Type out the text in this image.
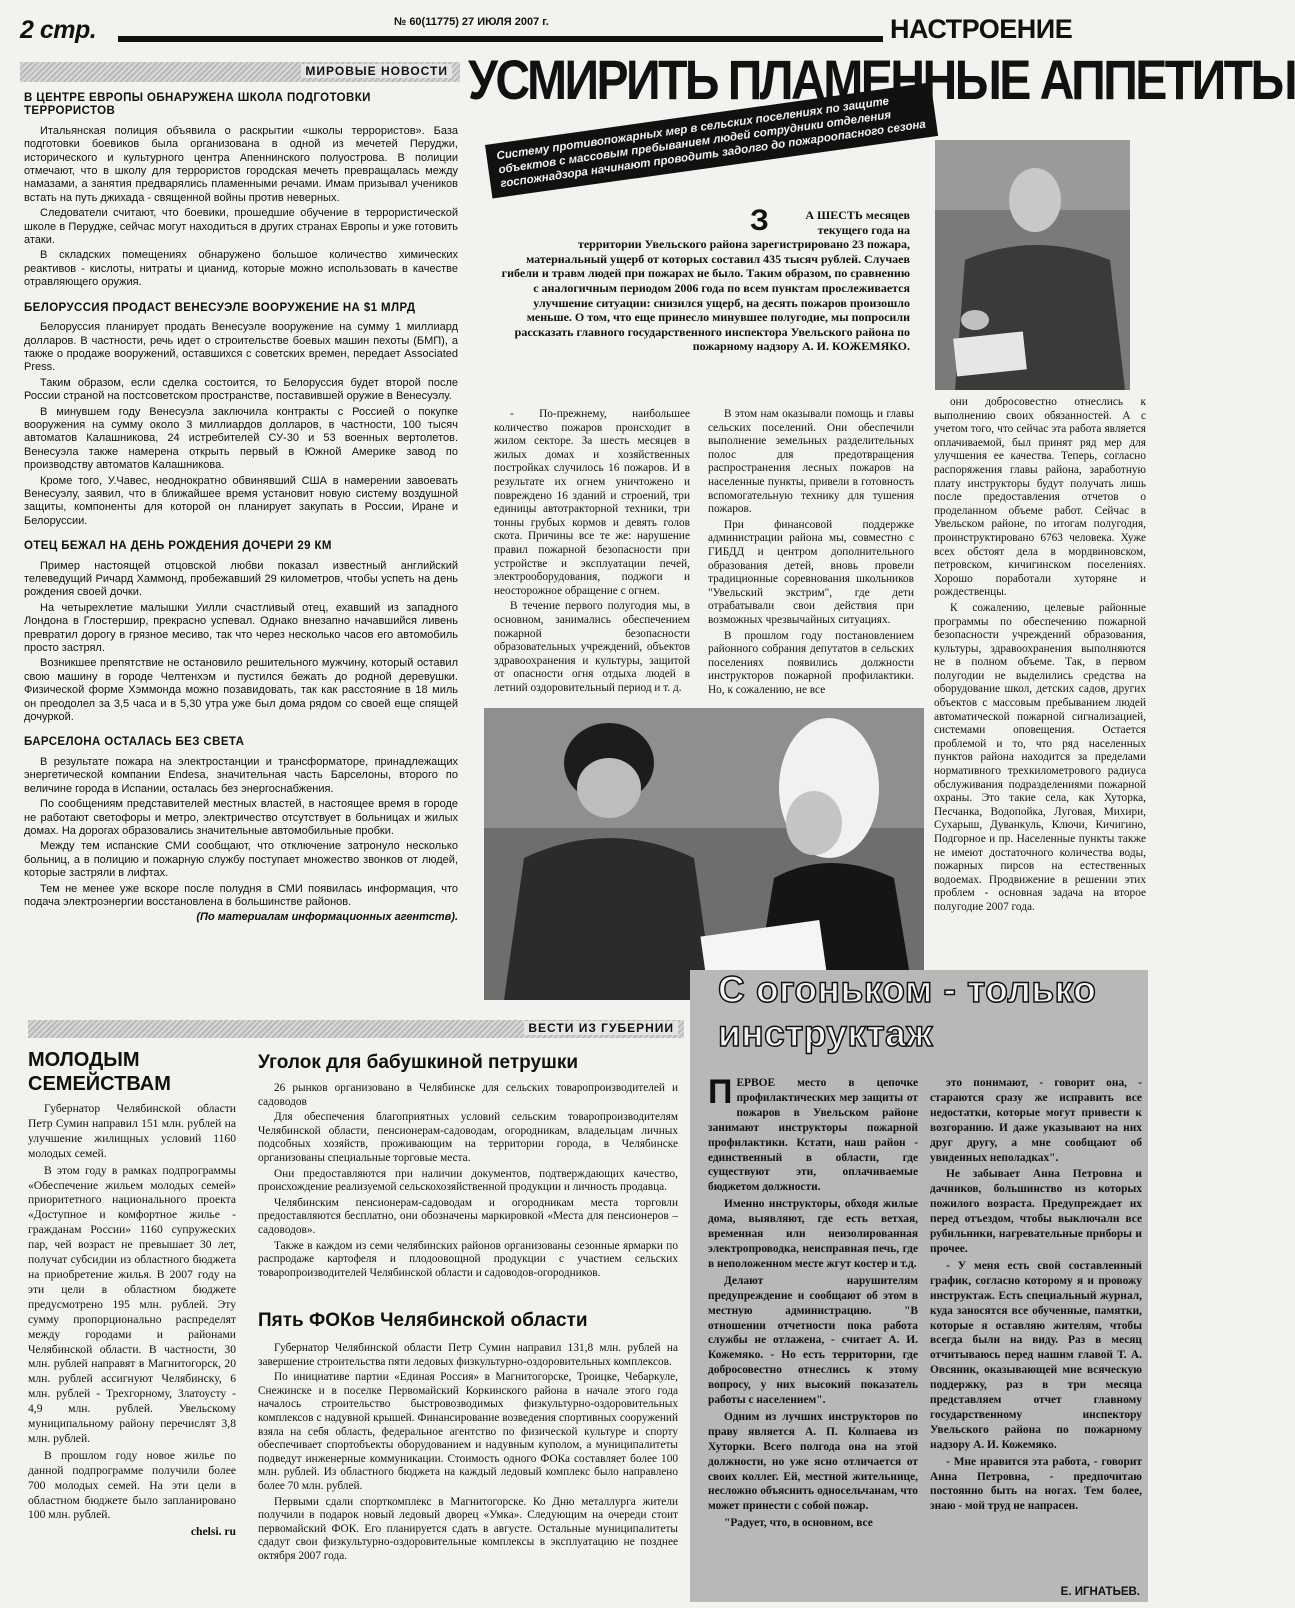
2 стр.	№ 60(11775) 27 ИЮЛЯ 2007 г.	НАСТРОЕНИЕ
МИРОВЫЕ НОВОСТИ
В ЦЕНТРЕ ЕВРОПЫ ОБНАРУЖЕНА ШКОЛА ПОДГОТОВКИ ТЕРРОРИСТОВ

Итальянская полиция объявила о раскрытии «школы террористов». База подготовки боевиков была организована в одной из мечетей Перуджи, исторического и культурного центра Апеннинского полуострова. В полиции отмечают, что в школу для террористов городская мечеть превращалась между намазами, а занятия предварялись пламенными речами. Имам призывал учеников встать на путь джихада - священной войны против неверных.

Следователи считают, что боевики, прошедшие обучение в террористической школе в Перудже, сейчас могут находиться в других странах Европы и уже готовить атаки.

В складских помещениях обнаружено большое количество химических реактивов - кислоты, нитраты и цианид, которые можно использовать в качестве отравляющего оружия.

БЕЛОРУССИЯ ПРОДАСТ ВЕНЕСУЭЛЕ ВООРУЖЕНИЕ НА $1 МЛРД

Белоруссия планирует продать Венесуэле вооружение на сумму 1 миллиард долларов. В частности, речь идет о строительстве боевых машин пехоты (БМП), а также о продаже вооружений, оставшихся с советских времен, передает Associated Press.

Таким образом, если сделка состоится, то Белоруссия будет второй после России страной на постсоветском пространстве, поставившей оружие в Венесуэлу.

В минувшем году Венесуэла заключила контракты с Россией о покупке вооружения на сумму около 3 миллиардов долларов, в частности, 100 тысяч автоматов Калашникова, 24 истребителей СУ-30 и 53 военных вертолетов. Венесуэла также намерена открыть первый в Южной Америке завод по производству автоматов Калашникова.

Кроме того, У.Чавес, неоднократно обвинявший США в намерении завоевать Венесуэлу, заявил, что в ближайшее время установит новую систему воздушной защиты, компоненты для которой он планирует закупать в России, Иране и Белоруссии.

ОТЕЦ БЕЖАЛ НА ДЕНЬ РОЖДЕНИЯ ДОЧЕРИ 29 КМ

Пример настоящей отцовской любви показал известный английский телеведущий Ричард Хаммонд, пробежавший 29 километров, чтобы успеть на день рождения своей дочки.

На четырехлетие малышки Уилли счастливый отец, ехавший из западного Лондона в Глостершир, прекрасно успевал. Однако внезапно начавшийся ливень превратил дорогу в грязное месиво, так что через несколько часов его автомобиль просто застрял.

Возникшее препятствие не остановило решительного мужчину, который оставил свою машину в городе Челтенхэм и пустился бежать до родной деревушки. Физической форме Хэммонда можно позавидовать, так как расстояние в 18 миль он преодолел за 3,5 часа и в 5,30 утра уже был дома рядом со своей еще спящей дочуркой.

БАРСЕЛОНА ОСТАЛАСЬ БЕЗ СВЕТА

В результате пожара на электростанции и трансформаторе, принадлежащих энергетической компании Endesa, значительная часть Барселоны, второго по величине города в Испании, осталась без энергоснабжения.

По сообщениям представителей местных властей, в настоящее время в городе не работают светофоры и метро, электричество отсутствует в больницах и жилых домах. На дорогах образовались значительные автомобильные пробки.

Между тем испанские СМИ сообщают, что отключение затронуло несколько больниц, а в полицию и пожарную службу поступает множество звонков от людей, которые застряли в лифтах.

Тем не менее уже вскоре после полудня в СМИ появилась информация, что подача электроэнергии восстановлена в большинстве районов.

(По материалам информационных агентств).
УСМИРИТЬ ПЛАМЕННЫЕ АППЕТИТЫ
Систему противопожарных мер в сельских поселениях по защите объектов с массовым пребыванием людей сотрудники отделения госпожнадзора начинают проводить задолго до пожароопасного сезона
З	А ШЕСТЬ месяцев текущего года на территории Увельского района зарегистрировано 23 пожара, материальный ущерб от которых составил 435 тысяч рублей. Случаев гибели и травм людей при пожарах не было. Таким образом, по сравнению с аналогичным периодом 2006 года по всем пунктам прослеживается улучшение ситуации: снизился ущерб, на десять пожаров произошло меньше. О том, что еще принесло минувшее полугодие, мы попросили рассказать главного государственного инспектора Увельского района по пожарному надзору А. И. КОЖЕМЯКО.

- По-прежнему, наибольшее количество пожаров происходит в жилом секторе. За шесть месяцев в жилых домах и хозяйственных постройках случилось 16 пожаров. И в результате их огнем уничтожено и повреждено 16 зданий и строений, три единицы автотракторной техники, три тонны грубых кормов и девять голов скота. Причины все те же: нарушение правил пожарной безопасности при устройстве и эксплуатации печей, электрооборудования, поджоги и неосторожное обращение с огнем.

В течение первого полугодия мы, в основном, занимались обеспечением пожарной безопасности образовательных учреждений, объектов здравоохранения и культуры, защитой от опасности огня отдыха людей в летний оздоровительный период и т. д.

В этом нам оказывали помощь и главы сельских поселений. Они обеспечили выполнение земельных разделительных полос для предотвращения распространения лесных пожаров на населенные пункты, привели в готовность вспомогательную технику для тушения пожаров.

При финансовой поддержке администрации района мы, совместно с ГИБДД и центром дополнительного образования детей, вновь провели традиционные соревнования школьников "Увельский экстрим", где дети отрабатывали свои действия при возможных чрезвычайных ситуациях.

В прошлом году постановлением районного собрания депутатов в сельских поселениях появились должности инструкторов пожарной профилактики. Но, к сожалению, не все

они добросовестно отнеслись к выполнению своих обязанностей. А с учетом того, что сейчас эта работа является оплачиваемой, был принят ряд мер для улучшения ее качества. Теперь, согласно распоряжения главы района, заработную плату инструкторы будут получать лишь после предоставления отчетов о проделанном объеме работ. Сейчас в Увельском районе, по итогам полугодия, проинструктировано 6763 человека. Хуже всех обстоят дела в мордвиновском, петровском, кичигинском поселениях. Хорошо поработали хуторяне и рождественцы.

К сожалению, целевые районные программы по обеспечению пожарной безопасности учреждений образования, культуры, здравоохранения выполняются не в полном объеме. Так, в первом полугодии не выделились средства на оборудование школ, детских садов, других объектов с массовым пребыванием людей автоматической пожарной сигнализацией, системами оповещения. Остается проблемой и то, что ряд населенных пунктов района находится за пределами нормативного трехкилометрового радиуса обслуживания подразделениями пожарной охраны. Это такие села, как Хуторка, Песчанка, Водопойка, Луговая, Михири, Сухарыш, Дуванкуль, Ключи, Кичигино, Подгорное и пр. Населенные пункты также не имеют достаточного количества воды, пожарных пирсов на естественных водоемах. Продвижение в решении этих проблем - основная задача на второе полугодие 2007 года.

ВЕСТИ ИЗ ГУБЕРНИИ
МОЛОДЫМ СЕМЕЙСТВАМ

Губернатор Челябинской области Петр Сумин направил 151 млн. рублей на улучшение жилищных условий 1160 молодых семей.

В этом году в рамках подпрограммы «Обеспечение жильем молодых семей» приоритетного национального проекта «Доступное и комфортное жилье - гражданам России» 1160 супружеских пар, чей возраст не превышает 30 лет, получат субсидии из областного бюджета на приобретение жилья. В 2007 году на эти цели в областном бюджете предусмотрено 195 млн. рублей. Эту сумму пропорционально распределят между городами и районами Челябинской области. В частности, 30 млн. рублей направят в Магнитогорск, 20 млн. рублей ассигнуют Челябинску, 6 млн. рублей - Трехгорному, Златоусту - 4,9 млн. рублей. Увельскому муниципальному району перечислят 3,8 млн. рублей.

В прошлом году новое жилье по данной подпрограмме получили более 700 молодых семей. На эти цели в областном бюджете было запланировано 100 млн. рублей.

chelsi. ru
Уголок для бабушкиной петрушки

26 рынков организовано в Челябинске для сельских товаропроизводителей и садоводов

Для обеспечения благоприятных условий сельским товаропроизводителям Челябинской области, пенсионерам-садоводам, огородникам, владельцам личных подсобных хозяйств, проживающим на территории города, в Челябинске организованы специальные торговые места.

Они предоставляются при наличии документов, подтверждающих качество, происхождение реализуемой сельскохозяйственной продукции и личность продавца.

Челябинским пенсионерам-садоводам и огородникам места торговли предоставляются бесплатно, они обозначены маркировкой «Места для пенсионеров – садоводов».

Также в каждом из семи челябинских районов организованы сезонные ярмарки по распродаже картофеля и плодоовощной продукции с участием сельских товаропроизводителей Челябинской области и садоводов-огородников.

Пять ФОКов Челябинской области

Губернатор Челябинской области Петр Сумин направил 131,8 млн. рублей на завершение строительства пяти ледовых физкультурно-оздоровительных комплексов.

По инициативе партии «Единая Россия» в Магнитогорске, Троицке, Чебаркуле, Снежинске и в поселке Первомайский Коркинского района в начале этого года началось строительство быстровозводимых физкультурно-оздоровительных комплексов с надувной крышей. Финансирование возведения спортивных сооружений взяла на себя область, федеральное агентство по физической культуре и спорту обеспечивает спортобъекты оборудованием и надувным куполом, а муниципалитеты подведут инженерные коммуникации. Стоимость одного ФОКа составляет более 100 млн. рублей. Из областного бюджета на каждый ледовый комплекс было направлено более 70 млн. рублей.

Первыми сдали спорткомплекс в Магнитогорске. Ко Дню металлурга жители получили в подарок новый ледовый дворец «Умка». Следующим на очереди стоит первомайский ФОК. Его планируется сдать в августе. Остальные муниципалитеты сдадут свои физкультурно-оздоровительные комплексы в эксплуатацию не позднее октября 2007 года.

С огоньком - только инструктаж
П ЕРВОЕ место в цепочке профилактических мер защиты от пожаров в Увельском районе занимают инструкторы пожарной профилактики. Кстати, наш район - единственный в области, где существуют эти, оплачиваемые бюджетом должности.

Именно инструкторы, обходя жилые дома, выявляют, где есть ветхая, временная или неизолированная электропроводка, неисправная печь, где в неположенном месте жгут костер и т.д.

Делают нарушителям предупреждение и сообщают об этом в местную администрацию. "В отношении отчетности пока работа службы не отлажена, - считает А. И. Кожемяко. - Но есть территории, где добросовестно отнеслись к этому вопросу, у них высокий показатель работы с населением".

Одним из лучших инструкторов по праву является А. П. Колпаева из Хуторки. Всего полгода она на этой должности, но уже ясно отличается от своих коллег. Ей, местной жительнице, несложно объяснить односельчанам, что может принести с собой пожар.

"Радует, что, в основном, все

это понимают, - говорит она, - стараются сразу же исправить все недостатки, которые могут привести к возгоранию. И даже указывают на них друг другу, а мне сообщают об увиденных неполадках".

Не забывает Анна Петровна и дачников, большинство из которых пожилого возраста. Предупреждает их перед отъездом, чтобы выключали все рубильники, нагревательные приборы и прочее.

- У меня есть свой составленный график, согласно которому я и провожу инструктаж. Есть специальный журнал, куда заносятся все обученные, памятки, которые я оставляю жителям, чтобы всегда были на виду. Раз в месяц отчитываюсь перед нашим главой Т. А. Овсяник, оказывающей мне всяческую поддержку, раз в три месяца представляем отчет главному государственному инспектору Увельского района по пожарному надзору А. И. Кожемяко.

- Мне нравится эта работа, - говорит Анна Петровна, - предпочитаю постоянно быть на ногах. Тем более, знаю - мой труд не напрасен.

Е. ИГНАТЬЕВ.
